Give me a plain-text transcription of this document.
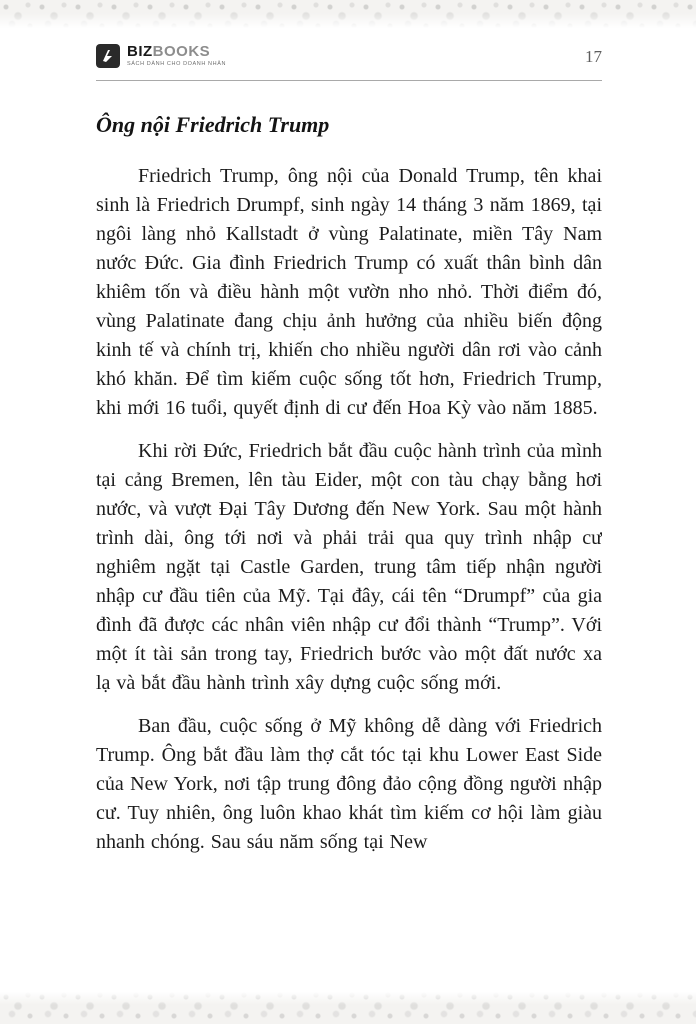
BIZBOOKS
SÁCH DÀNH CHO DOANH NHÂN	17
Ông nội Friedrich Trump

Friedrich Trump, ông nội của Donald Trump, tên khai sinh là Friedrich Drumpf, sinh ngày 14 tháng 3 năm 1869, tại ngôi làng nhỏ Kallstadt ở vùng Palatinate, miền Tây Nam nước Đức. Gia đình Friedrich Trump có xuất thân bình dân khiêm tốn và điều hành một vườn nho nhỏ. Thời điểm đó, vùng Palatinate đang chịu ảnh hưởng của nhiều biến động kinh tế và chính trị, khiến cho nhiều người dân rơi vào cảnh khó khăn. Để tìm kiếm cuộc sống tốt hơn, Friedrich Trump, khi mới 16 tuổi, quyết định di cư đến Hoa Kỳ vào năm 1885.

Khi rời Đức, Friedrich bắt đầu cuộc hành trình của mình tại cảng Bremen, lên tàu Eider, một con tàu chạy bằng hơi nước, và vượt Đại Tây Dương đến New York. Sau một hành trình dài, ông tới nơi và phải trải qua quy trình nhập cư nghiêm ngặt tại Castle Garden, trung tâm tiếp nhận người nhập cư đầu tiên của Mỹ. Tại đây, cái tên “Drumpf” của gia đình đã được các nhân viên nhập cư đổi thành “Trump”. Với một ít tài sản trong tay, Friedrich bước vào một đất nước xa lạ và bắt đầu hành trình xây dựng cuộc sống mới.

Ban đầu, cuộc sống ở Mỹ không dễ dàng với Friedrich Trump. Ông bắt đầu làm thợ cắt tóc tại khu Lower East Side của New York, nơi tập trung đông đảo cộng đồng người nhập cư. Tuy nhiên, ông luôn khao khát tìm kiếm cơ hội làm giàu nhanh chóng. Sau sáu năm sống tại New
